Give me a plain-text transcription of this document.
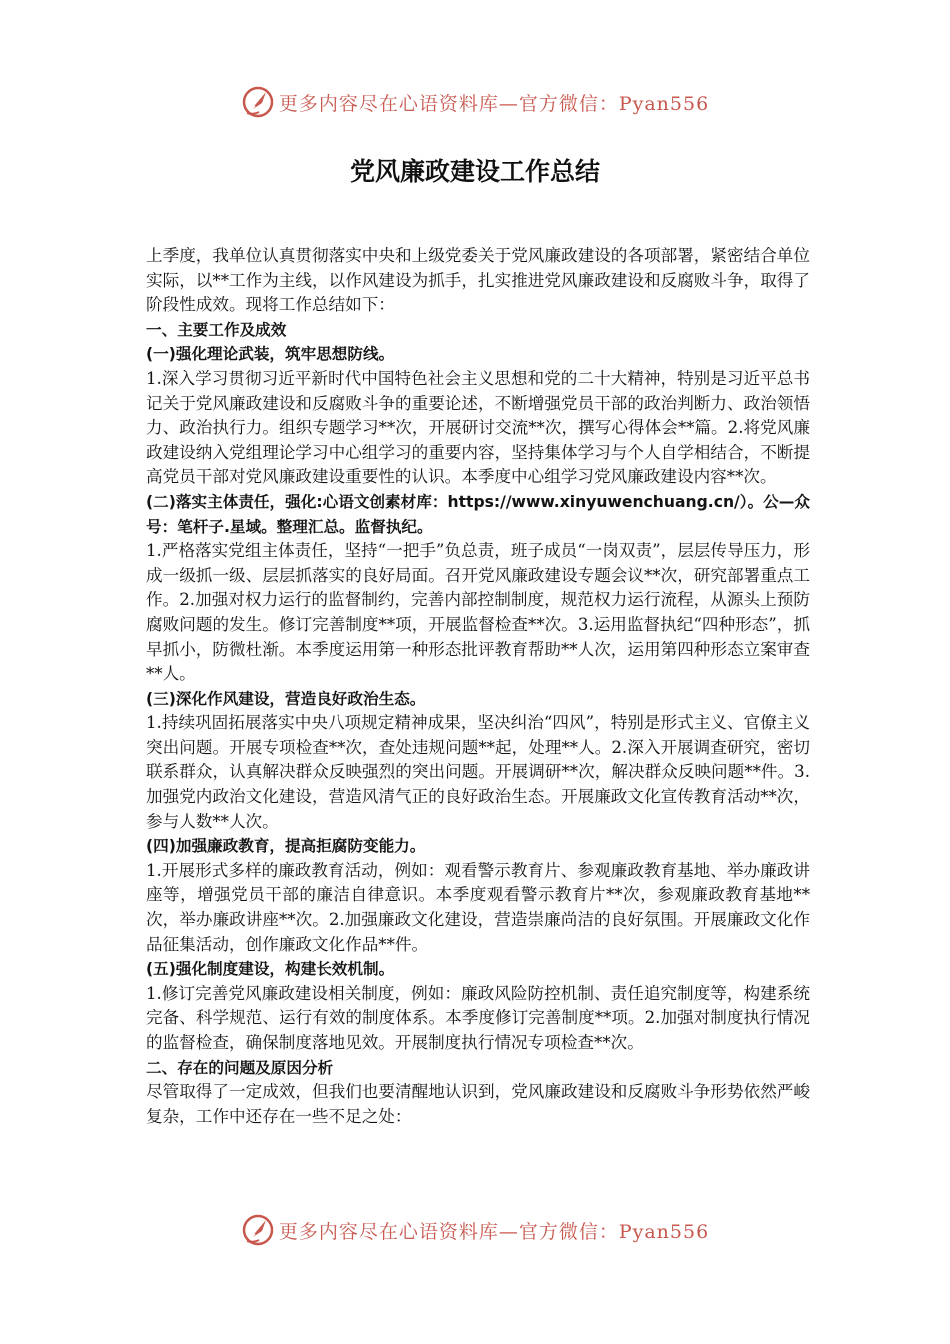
更多内容尽在心语资料库—官方微信：Pyan556
党风廉政建设工作总结

上季度，我单位认真贯彻落实中央和上级党委关于党风廉政建设的各项部署，紧密结合单位实际，以**工作为主线，以作风建设为抓手，扎实推进党风廉政建设和反腐败斗争，取得了阶段性成效。现将工作总结如下：

一、主要工作及成效

(一)强化理论武装，筑牢思想防线。

1.深入学习贯彻习近平新时代中国特色社会主义思想和党的二十大精神，特别是习近平总书记关于党风廉政建设和反腐败斗争的重要论述，不断增强党员干部的政治判断力、政治领悟力、政治执行力。组织专题学习**次，开展研讨交流**次，撰写心得体会**篇。2.将党风廉政建设纳入党组理论学习中心组学习的重要内容，坚持集体学习与个人自学相结合，不断提高党员干部对党风廉政建设重要性的认识。本季度中心组学习党风廉政建设内容**次。

(二)落实主体责任，强化:心语文创素材库：https://www.xinyuwenchuang.cn/）。公—众号：笔杆子.星域。整理汇总。监督执纪。

1.严格落实党组主体责任，坚持“一把手”负总责，班子成员“一岗双责”，层层传导压力，形成一级抓一级、层层抓落实的良好局面。召开党风廉政建设专题会议**次，研究部署重点工作。2.加强对权力运行的监督制约，完善内部控制制度，规范权力运行流程，从源头上预防腐败问题的发生。修订完善制度**项，开展监督检查**次。3.运用监督执纪“四种形态”，抓早抓小，防微杜渐。本季度运用第一种形态批评教育帮助**人次，运用第四种形态立案审查**人。

(三)深化作风建设，营造良好政治生态。

1.持续巩固拓展落实中央八项规定精神成果，坚决纠治“四风”，特别是形式主义、官僚主义突出问题。开展专项检查**次，查处违规问题**起，处理**人。2.深入开展调查研究，密切联系群众，认真解决群众反映强烈的突出问题。开展调研**次，解决群众反映问题**件。3.加强党内政治文化建设，营造风清气正的良好政治生态。开展廉政文化宣传教育活动**次，参与人数**人次。

(四)加强廉政教育，提高拒腐防变能力。

1.开展形式多样的廉政教育活动，例如：观看警示教育片、参观廉政教育基地、举办廉政讲座等，增强党员干部的廉洁自律意识。本季度观看警示教育片**次，参观廉政教育基地**次，举办廉政讲座**次。2.加强廉政文化建设，营造崇廉尚洁的良好氛围。开展廉政文化作品征集活动，创作廉政文化作品**件。

(五)强化制度建设，构建长效机制。

1.修订完善党风廉政建设相关制度，例如：廉政风险防控机制、责任追究制度等，构建系统完备、科学规范、运行有效的制度体系。本季度修订完善制度**项。2.加强对制度执行情况的监督检查，确保制度落地见效。开展制度执行情况专项检查**次。

二、存在的问题及原因分析

尽管取得了一定成效，但我们也要清醒地认识到，党风廉政建设和反腐败斗争形势依然严峻复杂，工作中还存在一些不足之处：

更多内容尽在心语资料库—官方微信：Pyan556
